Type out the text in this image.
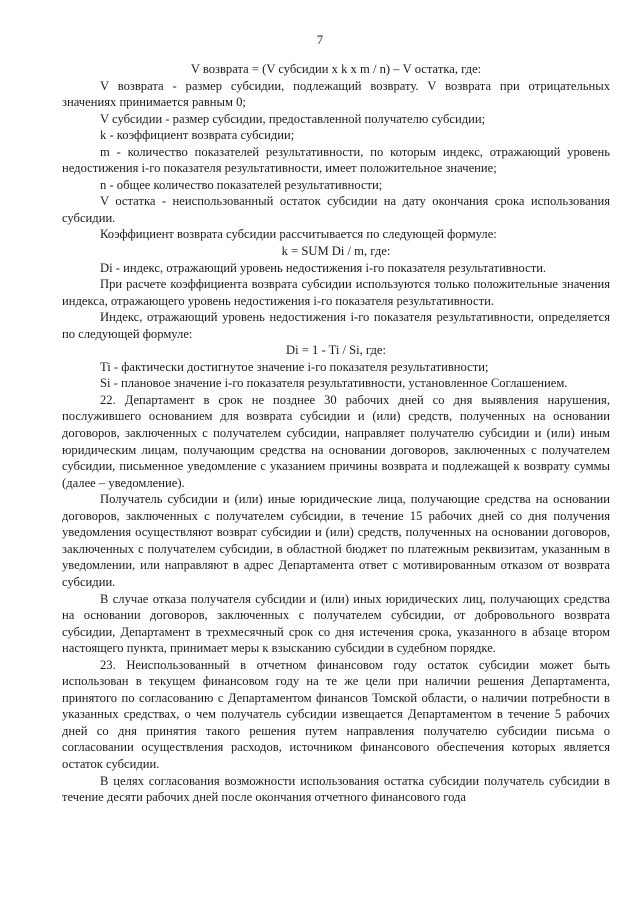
7

V возврата = (V субсидии x k x m / n) – V остатка, где:

V возврата - размер субсидии, подлежащий возврату. V возврата при отрицательных значениях принимается равным 0;

V субсидии - размер субсидии, предоставленной получателю субсидии;

k - коэффициент возврата субсидии;

m - количество показателей результативности, по которым индекс, отражающий уровень недостижения i-го показателя результативности, имеет положительное значение;

n - общее количество показателей результативности;

V остатка - неиспользованный остаток субсидии на дату окончания срока использования субсидии.

Коэффициент возврата субсидии рассчитывается по следующей формуле:

k = SUM Di / m, где:

Di - индекс, отражающий уровень недостижения i-го показателя результативности.

При расчете коэффициента возврата субсидии используются только положительные значения индекса, отражающего уровень недостижения i-го показателя результативности.

Индекс, отражающий уровень недостижения i-го показателя результативности, определяется по следующей формуле:

Di = 1 - Ti / Si, где:

Ti - фактически достигнутое значение i-го показателя результативности;

Si - плановое значение i-го показателя результативности, установленное Соглашением.

22. Департамент в срок не позднее 30 рабочих дней со дня выявления нарушения, послужившего основанием для возврата субсидии и (или) средств, полученных на основании договоров, заключенных с получателем субсидии, направляет получателю субсидии и (или) иным юридическим лицам, получающим средства на основании договоров, заключенных с получателем субсидии, письменное уведомление с указанием причины возврата и подлежащей к возврату суммы (далее – уведомление).

Получатель субсидии и (или) иные юридические лица, получающие средства на основании договоров, заключенных с получателем субсидии, в течение 15 рабочих дней со дня получения уведомления осуществляют возврат субсидии и (или) средств, полученных на основании договоров, заключенных с получателем субсидии, в областной бюджет по платежным реквизитам, указанным в уведомлении, или направляют в адрес Департамента ответ с мотивированным отказом от возврата субсидии.

В случае отказа получателя субсидии и (или) иных юридических лиц, получающих средства на основании договоров, заключенных с получателем субсидии, от добровольного возврата субсидии, Департамент в трехмесячный срок со дня истечения срока, указанного в абзаце втором настоящего пункта, принимает меры к взысканию субсидии в судебном порядке.

23. Неиспользованный в отчетном финансовом году остаток субсидии может быть использован в текущем финансовом году на те же цели при наличии решения Департамента, принятого по согласованию с Департаментом финансов Томской области, о наличии потребности в указанных средствах, о чем получатель субсидии извещается Департаментом в течение 5 рабочих дней со дня принятия такого решения путем направления получателю субсидии письма о согласовании осуществления расходов, источником финансового обеспечения которых является остаток субсидии.

В целях согласования возможности использования остатка субсидии получатель субсидии в течение десяти рабочих дней после окончания отчетного финансового года
